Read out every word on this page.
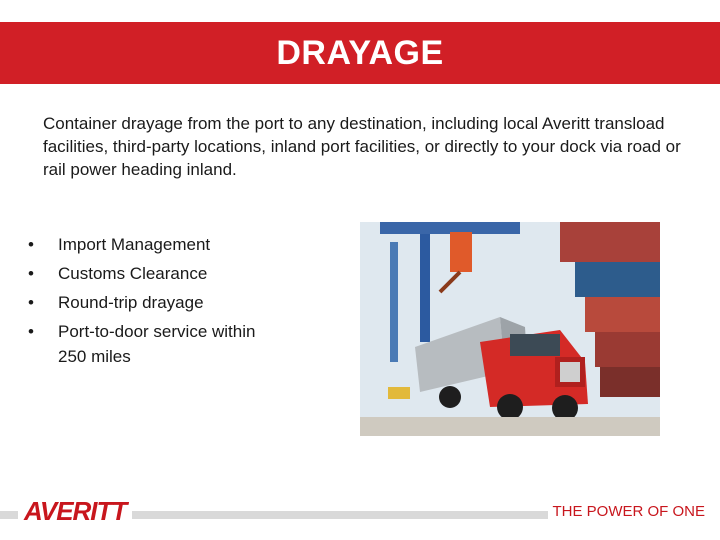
DRAYAGE

Container drayage from the port to any destination, including local Averitt transload facilities, third-party locations, inland port facilities, or directly to your dock via road or rail power heading inland.

• Import Management
• Customs Clearance
• Round-trip drayage
• Port-to-door service within 250 miles
AVERITT	THE POWER OF ONE
